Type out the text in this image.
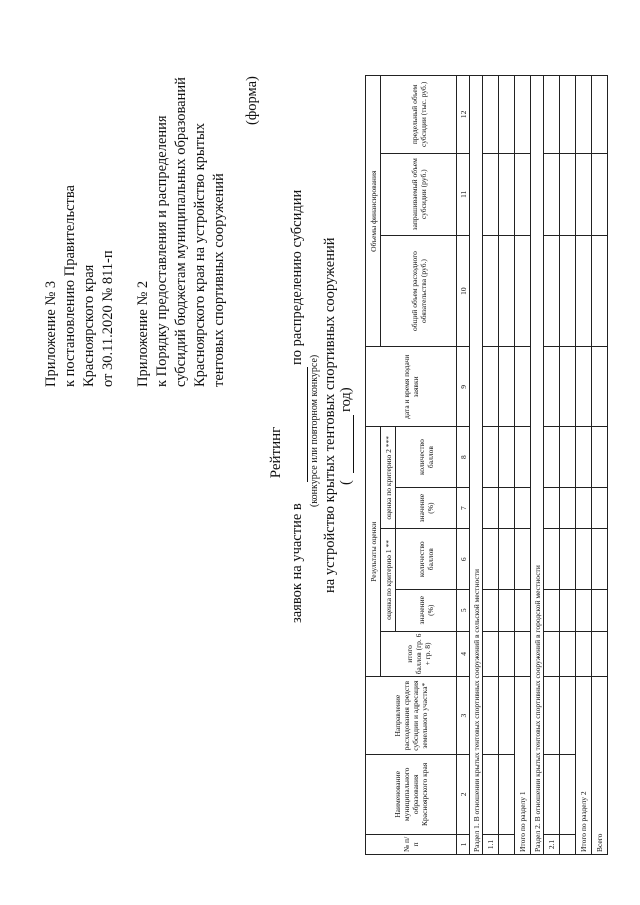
Приложение № 3 к постановлению Правительства Красноярского края от 30.11.2020 № 811-п Приложение № 2 к Порядку предоставления и распределения субсидий бюджетам муниципальных образований Красноярского края на устройство крытых тентовых спортивных сооружений
(форма)
Рейтинг
заявок на участие в
по распределению субсидии
(конкурсе или повторном конкурсе) на устройство крытых тентовых спортивных сооружений (
год)
№ п/п	Наименование муниципального образования Красноярского края	Направление расходования средств субсидии и адресация земельного участка*	Результаты оценки					дата и время подачи заявки	Объемы финансирования		
			итого баллов (гр. 6 + гр. 8)	оценка по критерию 1 **		оценка по критерию 2 ***			общий объем расходного обязательства (руб.)	запрашиваемый объем субсидии (руб.)	предельный объем субсидии (тыс. руб.)
				значение (%)	количество баллов	значение (%)	количество баллов				
1	2	3	4	5	6	7	8	9	10	11	12
Раздел 1. В отношении крытых тентовых спортивных сооружений в сельской местности											
1.1											

Итого по разделу 1											
Раздел 2. В отношении крытых тентовых спортивных сооружений в городской местности											
2.1											

Итого по разделу 2											
Всего											
